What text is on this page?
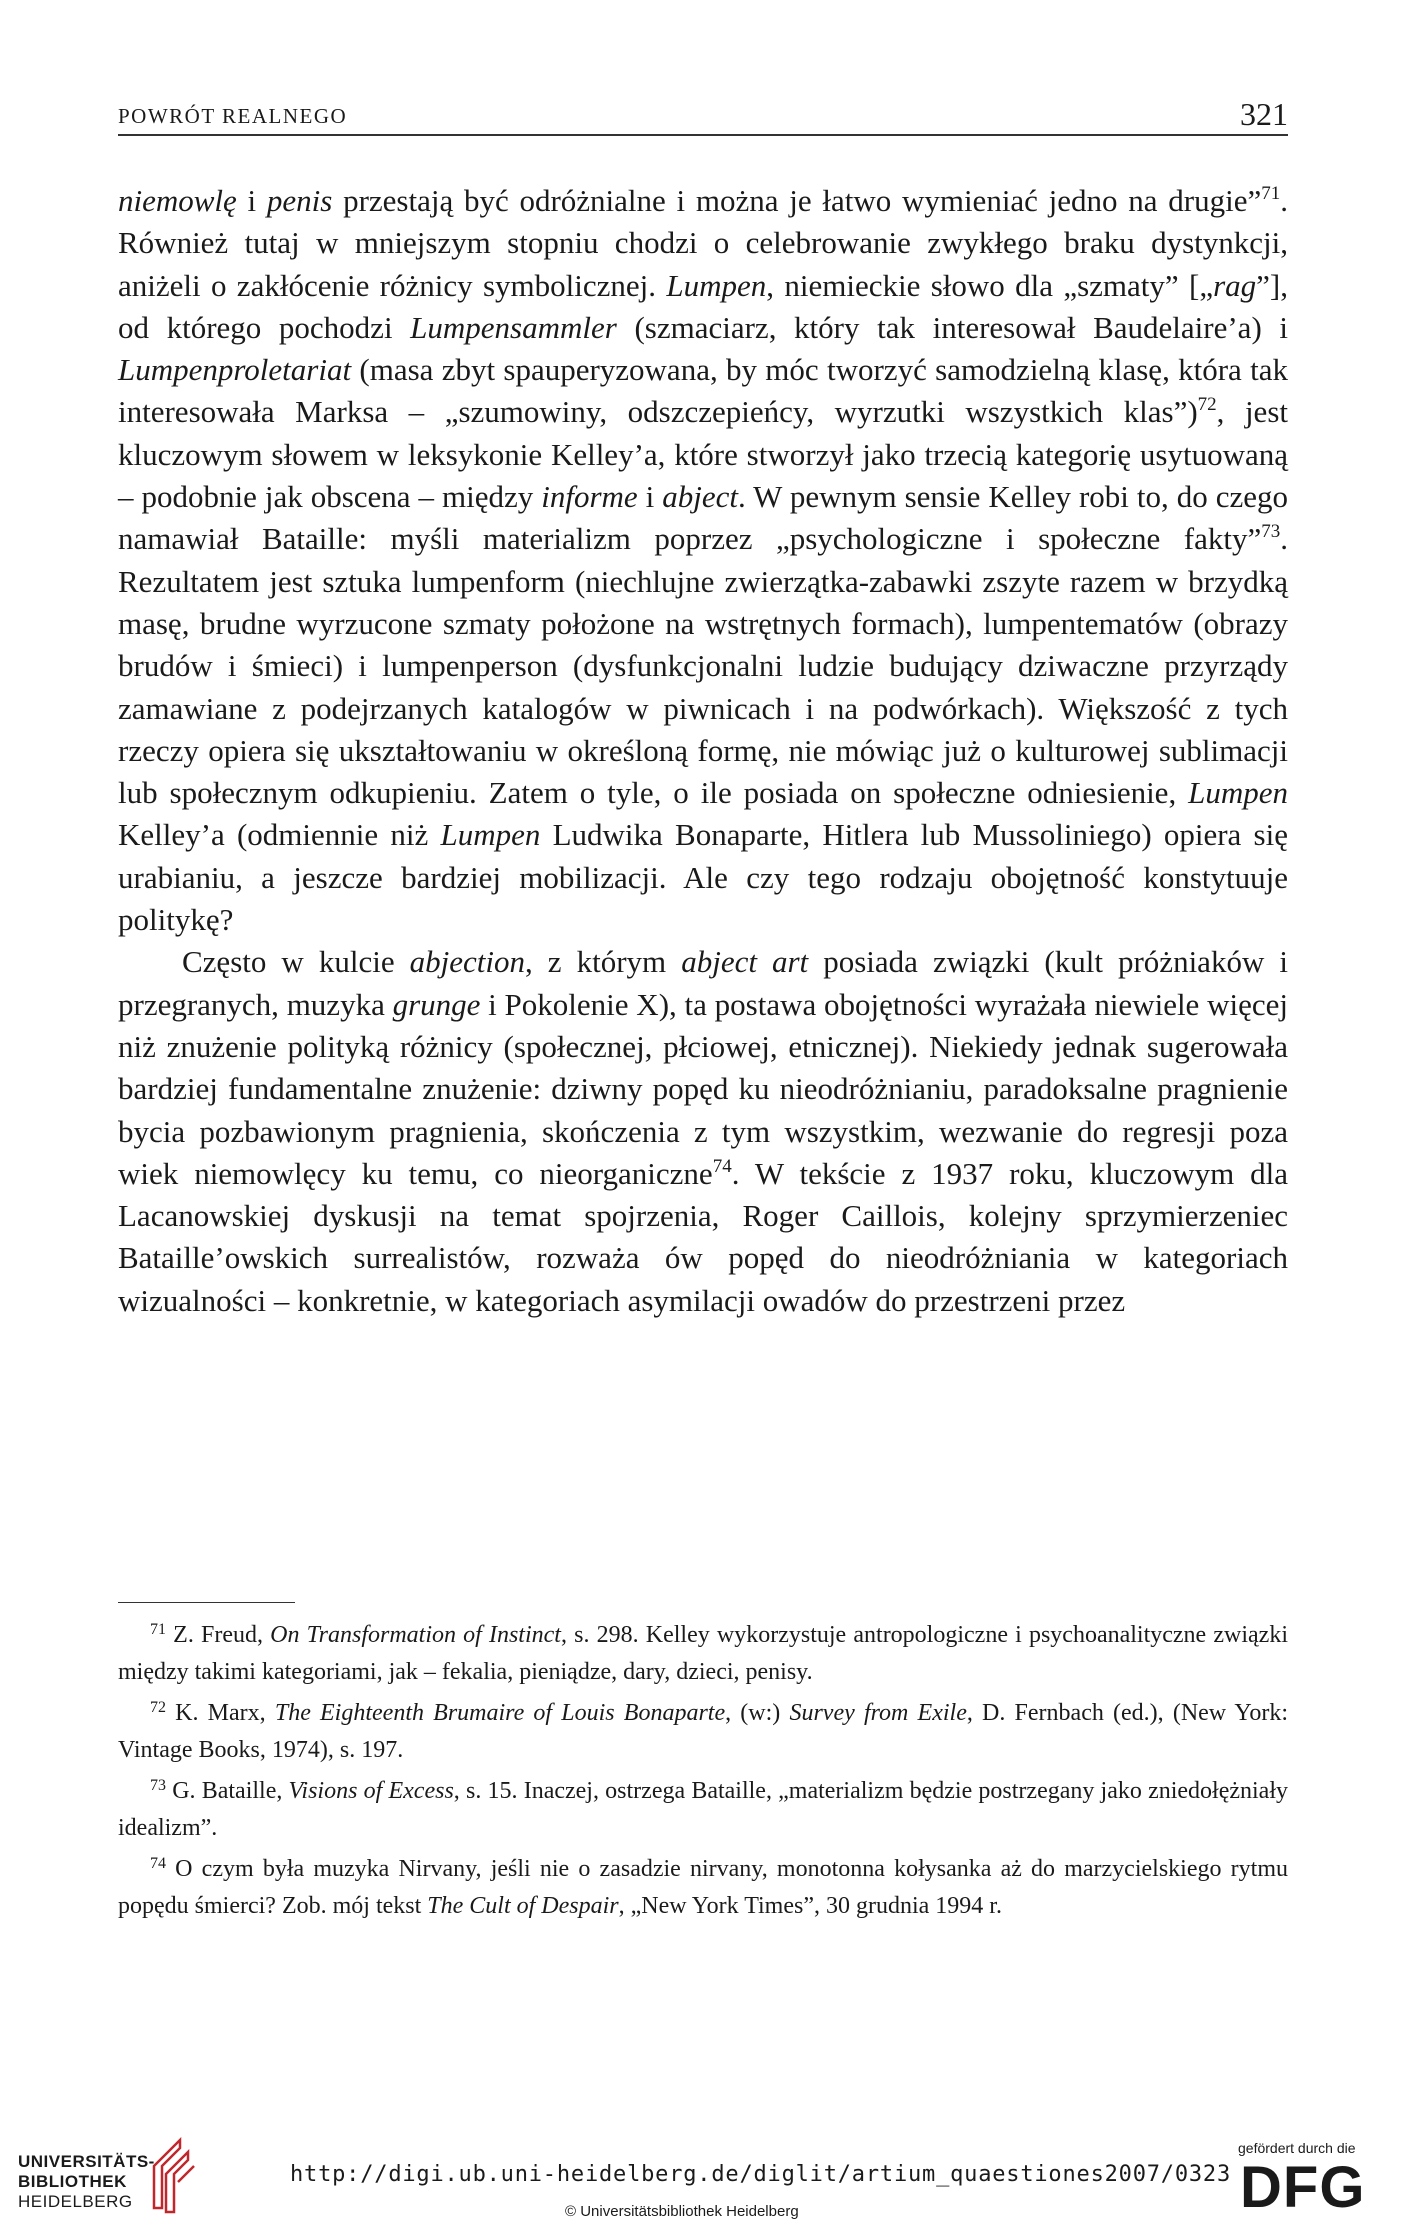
POWRÓT REALNEGO	321

niemowlę i penis przestają być odróżnialne i można je łatwo wymieniać jedno na drugie”$^{71}$. Również tutaj w mniejszym stopniu chodzi o celebrowanie zwykłego braku dystynkcji, aniżeli o zakłócenie różnicy symbolicznej. Lumpen, niemieckie słowo dla „szmaty” [„rag”], od którego pochodzi Lumpensammler (szmaciarz, który tak interesował Baudelaire’a) i Lumpenproletariat (masa zbyt spauperyzowana, by móc tworzyć samodzielną klasę, która tak interesowała Marksa – „szumowiny, odszczepieńcy, wyrzutki wszystkich klas”)$^{72}$, jest kluczowym słowem w leksykonie Kelley’a, które stworzył jako trzecią kategorię usytuowaną – podobnie jak obscena – między informe i abject. W pewnym sensie Kelley robi to, do czego namawiał Bataille: myśli materializm poprzez „psychologiczne i społeczne fakty”$^{73}$. Rezultatem jest sztuka lumpenform (niechlujne zwierzątka-zabawki zszyte razem w brzydką masę, brudne wyrzucone szmaty położone na wstrętnych formach), lumpentematów (obrazy brudów i śmieci) i lumpenperson (dysfunkcjonalni ludzie budujący dziwaczne przyrządy zamawiane z podejrzanych katalogów w piwnicach i na podwórkach). Większość z tych rzeczy opiera się ukształtowaniu w określoną formę, nie mówiąc już o kulturowej sublimacji lub społecznym odkupieniu. Zatem o tyle, o ile posiada on społeczne odniesienie, Lumpen Kelley’a (odmiennie niż Lumpen Ludwika Bonaparte, Hitlera lub Mussoliniego) opiera się urabianiu, a jeszcze bardziej mobilizacji. Ale czy tego rodzaju obojętność konstytuuje politykę?

Często w kulcie abjection, z którym abject art posiada związki (kult próżniaków i przegranych, muzyka grunge i Pokolenie X), ta postawa obojętności wyrażała niewiele więcej niż znużenie polityką różnicy (społecznej, płciowej, etnicznej). Niekiedy jednak sugerowała bardziej fundamentalne znużenie: dziwny popęd ku nieodróżnianiu, paradoksalne pragnienie bycia pozbawionym pragnienia, skończenia z tym wszystkim, wezwanie do regresji poza wiek niemowlęcy ku temu, co nieorganiczne$^{74}$. W tekście z 1937 roku, kluczowym dla Lacanowskiej dyskusji na temat spojrzenia, Roger Caillois, kolejny sprzymierzeniec Bataille’owskich surrealistów, rozważa ów popęd do nieodróżniania w kategoriach wizualności – konkretnie, w kategoriach asymilacji owadów do przestrzeni przez

$^{71}$ Z. Freud, On Transformation of Instinct, s. 298. Kelley wykorzystuje antropologiczne i psychoanalityczne związki między takimi kategoriami, jak – fekalia, pieniądze, dary, dzieci, penisy.

$^{72}$ K. Marx, The Eighteenth Brumaire of Louis Bonaparte, (w:) Survey from Exile, D. Fernbach (ed.), (New York: Vintage Books, 1974), s. 197.

$^{73}$ G. Bataille, Visions of Excess, s. 15. Inaczej, ostrzega Bataille, „materializm będzie postrzegany jako zniedołężniały idealizm”.

$^{74}$ O czym była muzyka Nirvany, jeśli nie o zasadzie nirvany, monotonna kołysanka aż do marzycielskiego rytmu popędu śmierci? Zob. mój tekst The Cult of Despair, „New York Times”, 30 grudnia 1994 r.

UNIVERSITÄTS-
BIBLIOTHEK
HEIDELBERG
http://digi.ub.uni-heidelberg.de/diglit/artium_quaestiones2007/0323
© Universitätsbibliothek Heidelberg
gefördert durch die
DFG
